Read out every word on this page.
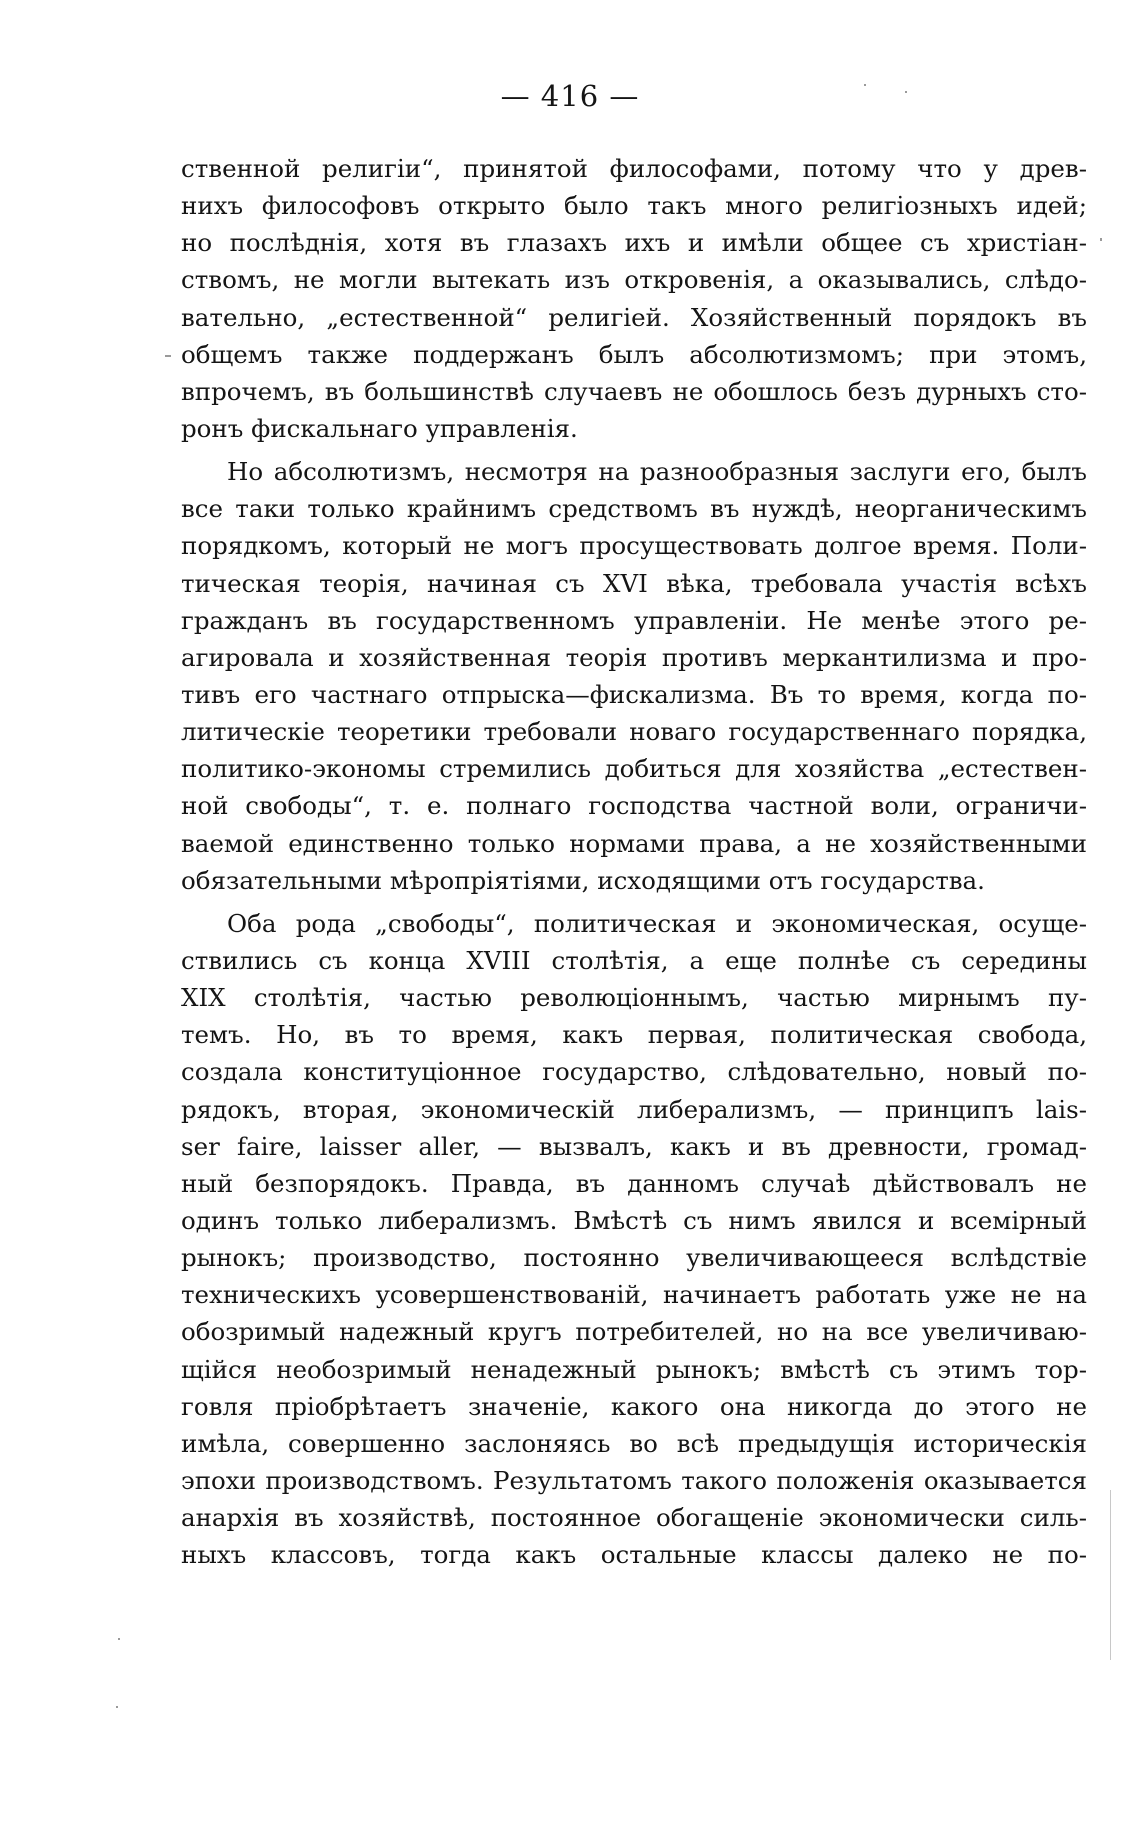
— 416 —
ственной религiи“, принятой философами, потому что у древ-
нихъ философовъ открыто было такъ много религiозныхъ идей;
но послѣднiя, хотя въ глазахъ ихъ и имѣли общее съ христiан-
ствомъ, не могли вытекать изъ откровенiя, а оказывались, слѣдо-
вательно, „естественной“ религiей. Хозяйственный порядокъ въ
общемъ также поддержанъ былъ абсолютизмомъ; при этомъ,
впрочемъ, въ большинствѣ случаевъ не обошлось безъ дурныхъ сто-
ронъ фискальнаго управленiя.
Но абсолютизмъ, несмотря на разнообразныя заслуги его, былъ
все таки только крайнимъ средствомъ въ нуждѣ, неорганическимъ
порядкомъ, который не могъ просуществовать долгое время. Поли-
тическая теорiя, начиная съ XVI вѣка, требовала участiя всѣхъ
гражданъ въ государственномъ управленiи. Не менѣе этого ре-
агировала и хозяйственная теорiя противъ меркантилизма и про-
тивъ его частнаго отпрыска—фискализма. Въ то время, когда по-
литическiе теоретики требовали новаго государственнаго порядка,
политико-экономы стремились добиться для хозяйства „естествен-
ной свободы“, т. е. полнаго господства частной воли, ограничи-
ваемой единственно только нормами права, а не хозяйственными
обязательными мѣропрiятiями, исходящими отъ государства.
Оба рода „свободы“, политическая и экономическая, осуще-
ствились съ конца XVIII столѣтiя, а еще полнѣе съ середины
XIX столѣтiя, частью революцiоннымъ, частью мирнымъ пу-
темъ. Но, въ то время, какъ первая, политическая свобода,
создала конституцiонное государство, слѣдовательно, новый по-
рядокъ, вторая, экономическiй либерализмъ, — принципъ lais-
ser faire, laisser aller, — вызвалъ, какъ и въ древности, громад-
ный безпорядокъ. Правда, въ данномъ случаѣ дѣйствовалъ не
одинъ только либерализмъ. Вмѣстѣ съ нимъ явился и всемiрный
рынокъ; производство, постоянно увеличивающееся вслѣдствiе
техническихъ усовершенствованiй, начинаетъ работать уже не на
обозримый надежный кругъ потребителей, но на все увеличиваю-
щiйся необозримый ненадежный рынокъ; вмѣстѣ съ этимъ тор-
говля прiобрѣтаетъ значенiе, какого она никогда до этого не
имѣла, совершенно заслоняясь во всѣ предыдущiя историческiя
эпохи производствомъ. Результатомъ такого положенiя оказывается
анархiя въ хозяйствѣ, постоянное обогащенiе экономически силь-
ныхъ классовъ, тогда какъ остальные классы далеко не по-
